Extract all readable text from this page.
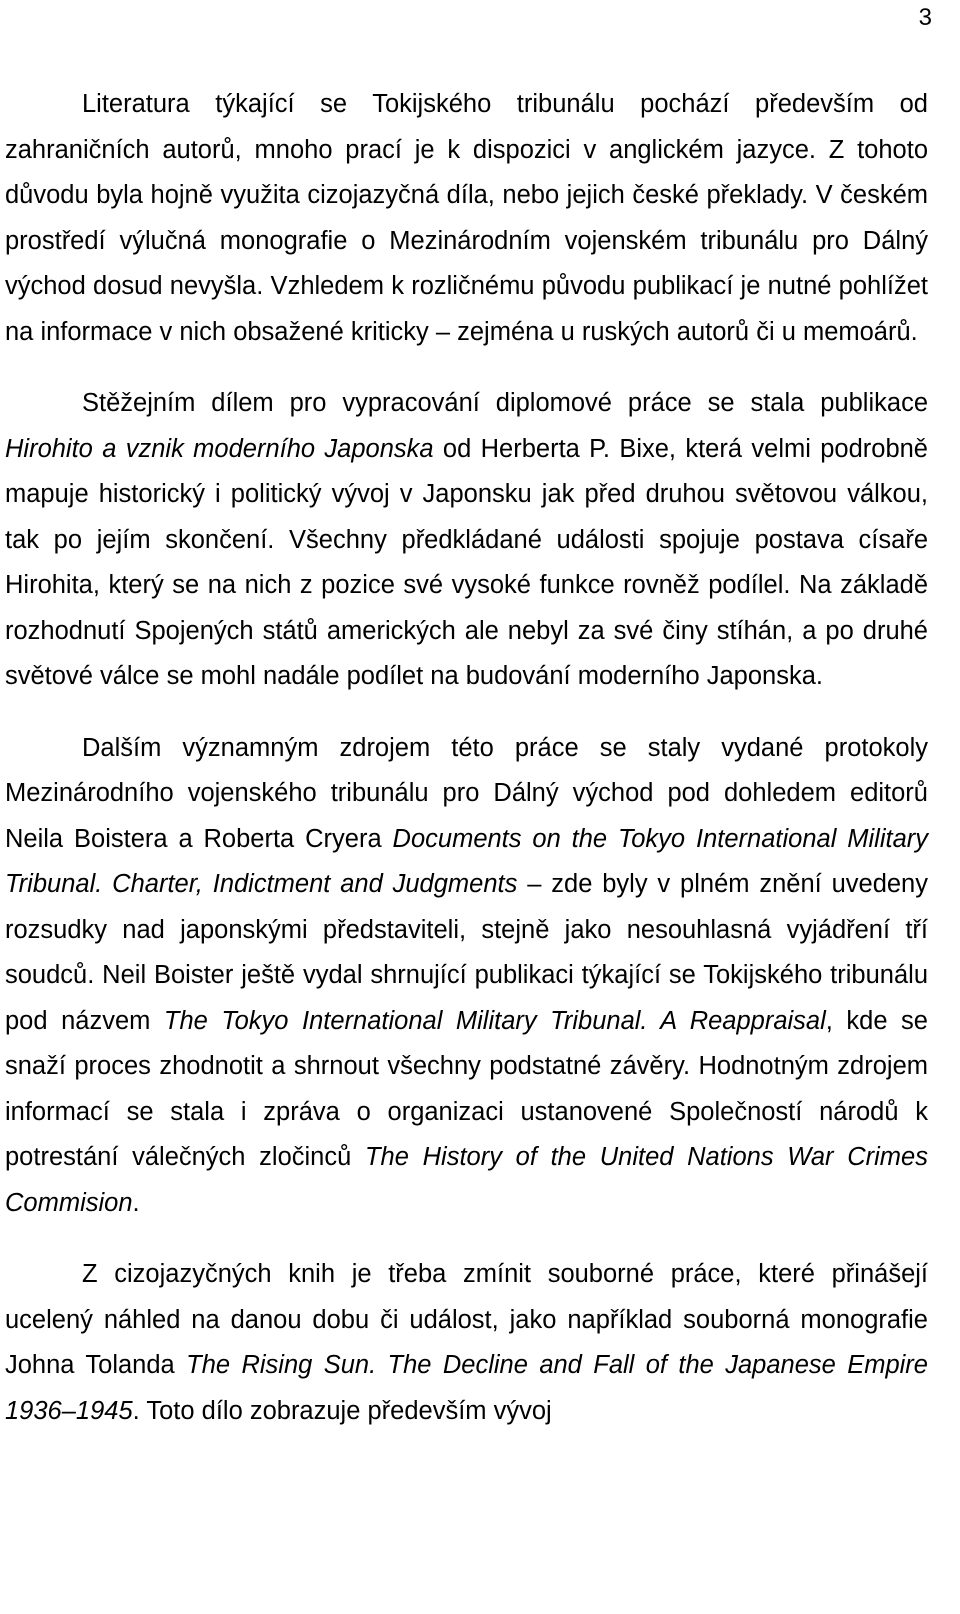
3

Literatura týkající se Tokijského tribunálu pochází především od zahraničních autorů, mnoho prací je k dispozici v anglickém jazyce. Z tohoto důvodu byla hojně využita cizojazyčná díla, nebo jejich české překlady. V českém prostředí výlučná monografie o Mezinárodním vojenském tribunálu pro Dálný východ dosud nevyšla. Vzhledem k rozličnému původu publikací je nutné pohlížet na informace v nich obsažené kriticky – zejména u ruských autorů či u memoárů.

Stěžejním dílem pro vypracování diplomové práce se stala publikace Hirohito a vznik moderního Japonska od Herberta P. Bixe, která velmi podrobně mapuje historický i politický vývoj v Japonsku jak před druhou světovou válkou, tak po jejím skončení. Všechny předkládané události spojuje postava císaře Hirohita, který se na nich z pozice své vysoké funkce rovněž podílel. Na základě rozhodnutí Spojených států amerických ale nebyl za své činy stíhán, a po druhé světové válce se mohl nadále podílet na budování moderního Japonska.

Dalším významným zdrojem této práce se staly vydané protokoly Mezinárodního vojenského tribunálu pro Dálný východ pod dohledem editorů Neila Boistera a Roberta Cryera Documents on the Tokyo International Military Tribunal. Charter, Indictment and Judgments – zde byly v plném znění uvedeny rozsudky nad japonskými představiteli, stejně jako nesouhlasná vyjádření tří soudců. Neil Boister ještě vydal shrnující publikaci týkající se Tokijského tribunálu pod názvem The Tokyo International Military Tribunal. A Reappraisal, kde se snaží proces zhodnotit a shrnout všechny podstatné závěry. Hodnotným zdrojem informací se stala i zpráva o organizaci ustanovené Společností národů k potrestání válečných zločinců The History of the United Nations War Crimes Commision.

Z cizojazyčných knih je třeba zmínit souborné práce, které přinášejí ucelený náhled na danou dobu či událost, jako například souborná monografie Johna Tolanda The Rising Sun. The Decline and Fall of the Japanese Empire 1936–1945. Toto dílo zobrazuje především vývoj
